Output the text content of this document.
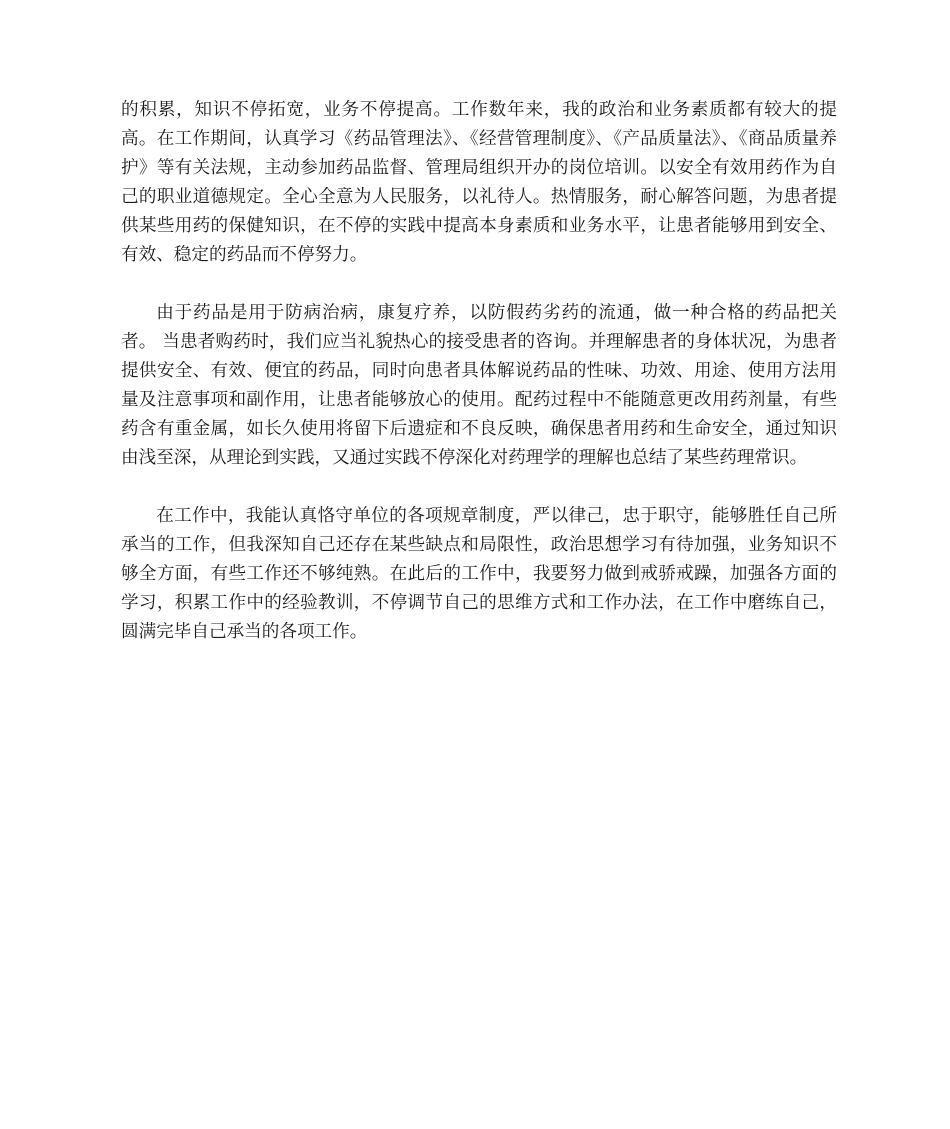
的积累，知识不停拓宽，业务不停提高。工作数年来，我的政治和业务素质都有较大的提高。在工作期间，认真学习《药品管理法》、《经营管理制度》、《产品质量法》、《商品质量养护》等有关法规，主动参加药品监督、管理局组织开办的岗位培训。以安全有效用药作为自己的职业道德规定。全心全意为人民服务，以礼待人。热情服务，耐心解答问题，为患者提供某些用药的保健知识，在不停的实践中提高本身素质和业务水平，让患者能够用到安全、有效、稳定的药品而不停努力。

由于药品是用于防病治病，康复疗养，以防假药劣药的流通，做一种合格的药品把关者。 当患者购药时，我们应当礼貌热心的接受患者的咨询。并理解患者的身体状况，为患者提供安全、有效、便宜的药品，同时向患者具体解说药品的性味、功效、用途、使用方法用量及注意事项和副作用，让患者能够放心的使用。配药过程中不能随意更改用药剂量，有些药含有重金属，如长久使用将留下后遗症和不良反映，确保患者用药和生命安全，通过知识由浅至深，从理论到实践，又通过实践不停深化对药理学的理解也总结了某些药理常识。

在工作中，我能认真恪守单位的各项规章制度，严以律己，忠于职守，能够胜任自己所承当的工作，但我深知自己还存在某些缺点和局限性，政治思想学习有待加强，业务知识不够全方面，有些工作还不够纯熟。在此后的工作中，我要努力做到戒骄戒躁，加强各方面的学习，积累工作中的经验教训，不停调节自己的思维方式和工作办法，在工作中磨练自己，圆满完毕自己承当的各项工作。
